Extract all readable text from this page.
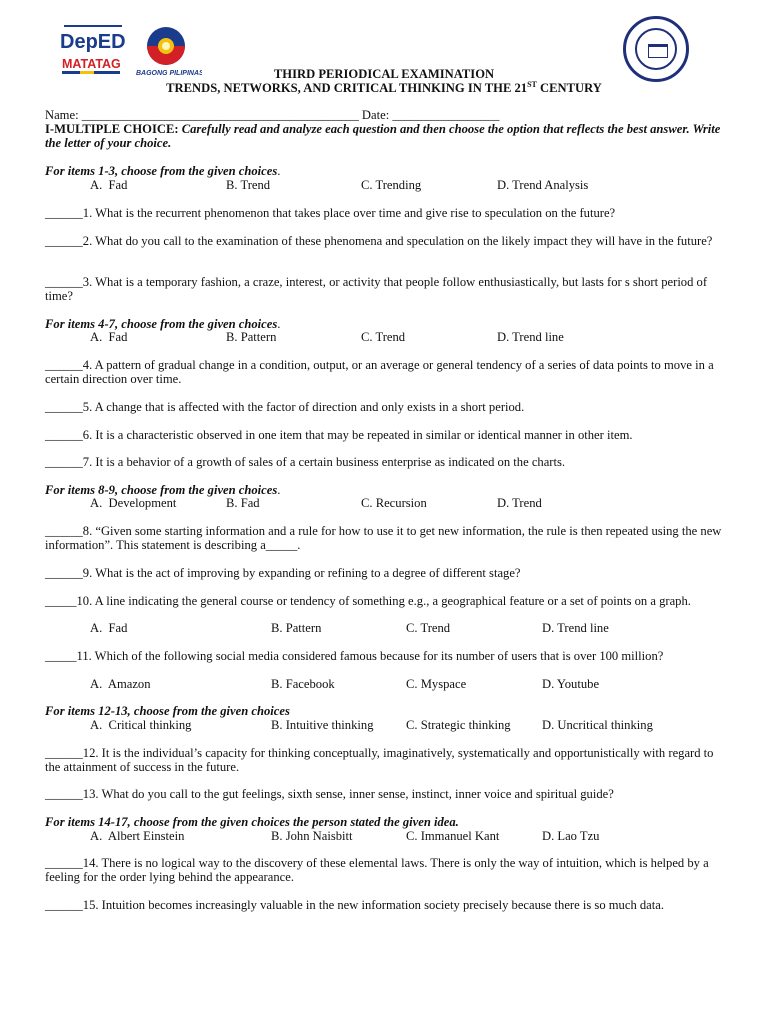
DepED
MATATAG
BAGONG PILIPINAS	THIRD PERIODICAL EXAMINATION
TRENDS, NETWORKS, AND CRITICAL THINKING IN THE 21ST CENTURY
Name: ____________________________________________ Date: _________________
I-MULTIPLE CHOICE: Carefully read and analyze each question and then choose the option that reflects the best answer. Write the letter of your choice.
For items 1-3, choose from the given choices.
A.  Fad	B. Trend	C. Trending	D. Trend Analysis
______1. What is the recurrent phenomenon that takes place over time and give rise to speculation on the future?
______2. What do you call to the examination of these phenomena and speculation on the likely impact they will have in the future?
______3. What is a temporary fashion, a craze, interest, or activity that people follow enthusiastically, but lasts for s short period of time?
For items 4-7, choose from the given choices.
A.  Fad	B. Pattern	C. Trend	D. Trend line
______4. A pattern of gradual change in a condition, output, or an average or general tendency of a series of data points to move in a certain direction over time.
______5. A change that is affected with the factor of direction and only exists in a short period.
______6. It is a characteristic observed in one item that may be repeated in similar or identical manner in other item.
______7. It is a behavior of a growth of sales of a certain business enterprise as indicated on the charts.
For items 8-9, choose from the given choices.
A.  Development	B. Fad	C. Recursion	D. Trend
______8. “Given some starting information and a rule for how to use it to get new information, the rule is then repeated using the new information”. This statement is describing a_____.
______9. What is the act of improving by expanding or refining to a degree of different stage?
_____10. A line indicating the general course or tendency of something e.g., a geographical feature or a set of points on a graph.
A.  Fad	B. Pattern	C. Trend	D. Trend line
_____11. Which of the following social media considered famous because for its number of users that is over 100 million?
A.  Amazon	B. Facebook	C. Myspace	D. Youtube
For items 12-13, choose from the given choices
A.  Critical thinking	B. Intuitive thinking	C. Strategic thinking D. Uncritical thinking
______12. It is the individual’s capacity for thinking conceptually, imaginatively, systematically and opportunistically with regard to the attainment of success in the future.
______13. What do you call to the gut feelings, sixth sense, inner sense, instinct, inner voice and spiritual guide?
For items 14-17, choose from the given choices the person stated the given idea.
A.  Albert Einstein	B. John Naisbitt	C. Immanuel Kant	D. Lao Tzu
______14. There is no logical way to the discovery of these elemental laws. There is only the way of intuition, which is helped by a feeling for the order lying behind the appearance.
______15. Intuition becomes increasingly valuable in the new information society precisely because there is so much data.
